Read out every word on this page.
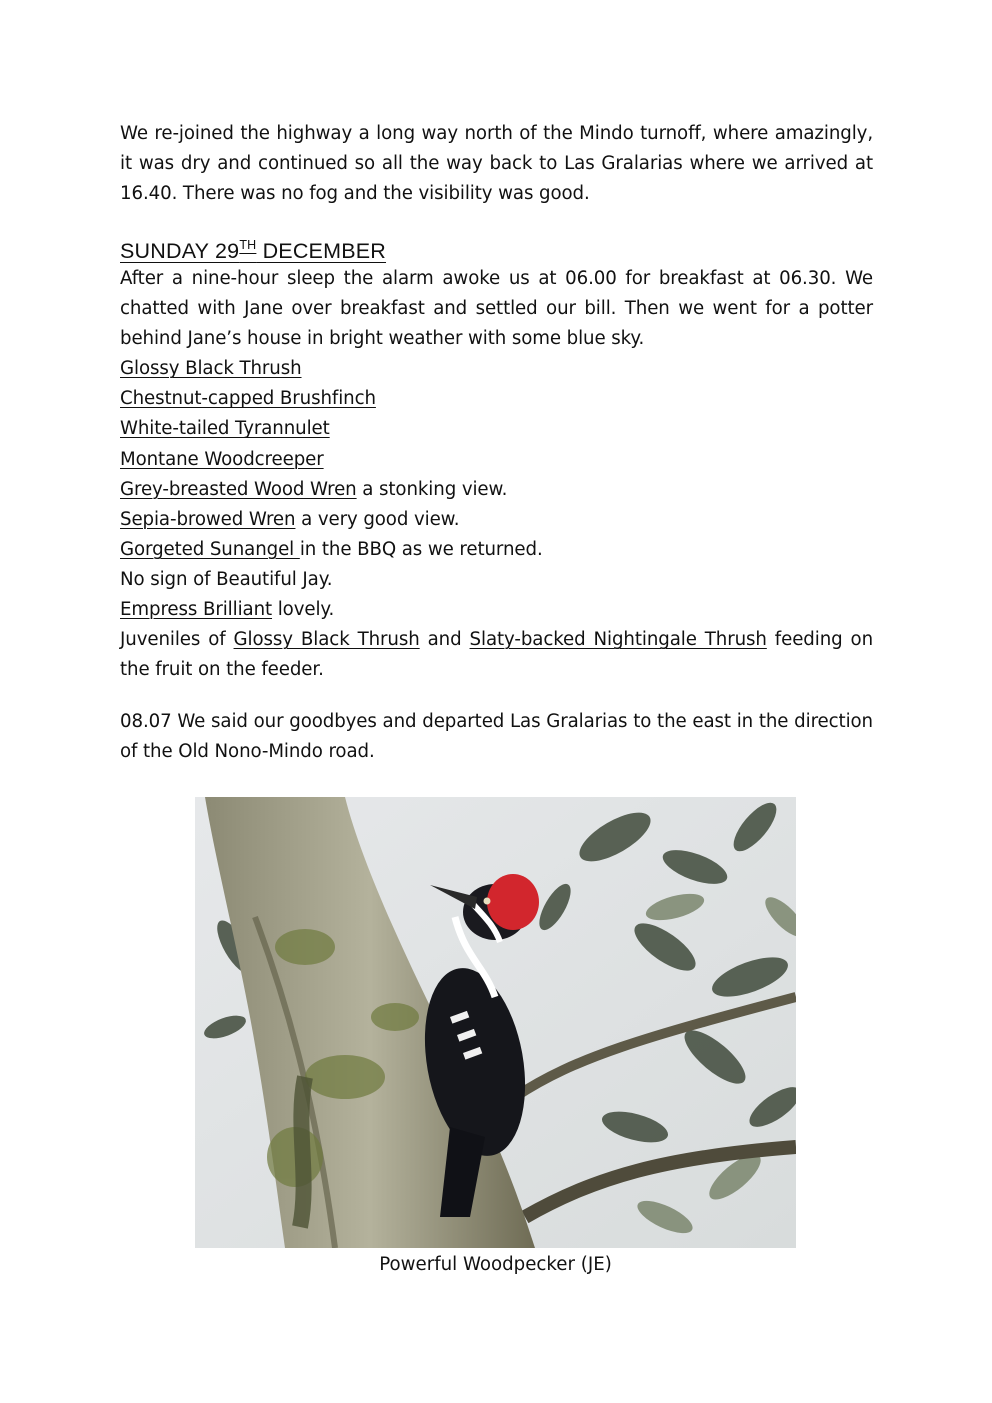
We re-joined the highway a long way north of the Mindo turnoff, where amazingly, it was dry and continued so all the way back to Las Gralarias where we arrived at 16.40. There was no fog and the visibility was good.

SUNDAY 29TH DECEMBER

After a nine-hour sleep the alarm awoke us at 06.00 for breakfast at 06.30. We chatted with Jane over breakfast and settled our bill. Then we went for a potter behind Jane’s house in bright weather with some blue sky.

Glossy Black Thrush

Chestnut-capped Brushfinch

White-tailed Tyrannulet

Montane Woodcreeper

Grey-breasted Wood Wren a stonking view.

Sepia-browed Wren a very good view.

Gorgeted Sunangel in the BBQ as we returned.

No sign of Beautiful Jay.

Empress Brilliant lovely.

Juveniles of Glossy Black Thrush and Slaty-backed Nightingale Thrush feeding on the fruit on the feeder.

08.07 We said our goodbyes and departed Las Gralarias to the east in the direction of the Old Nono-Mindo road.

Powerful Woodpecker (JE)
